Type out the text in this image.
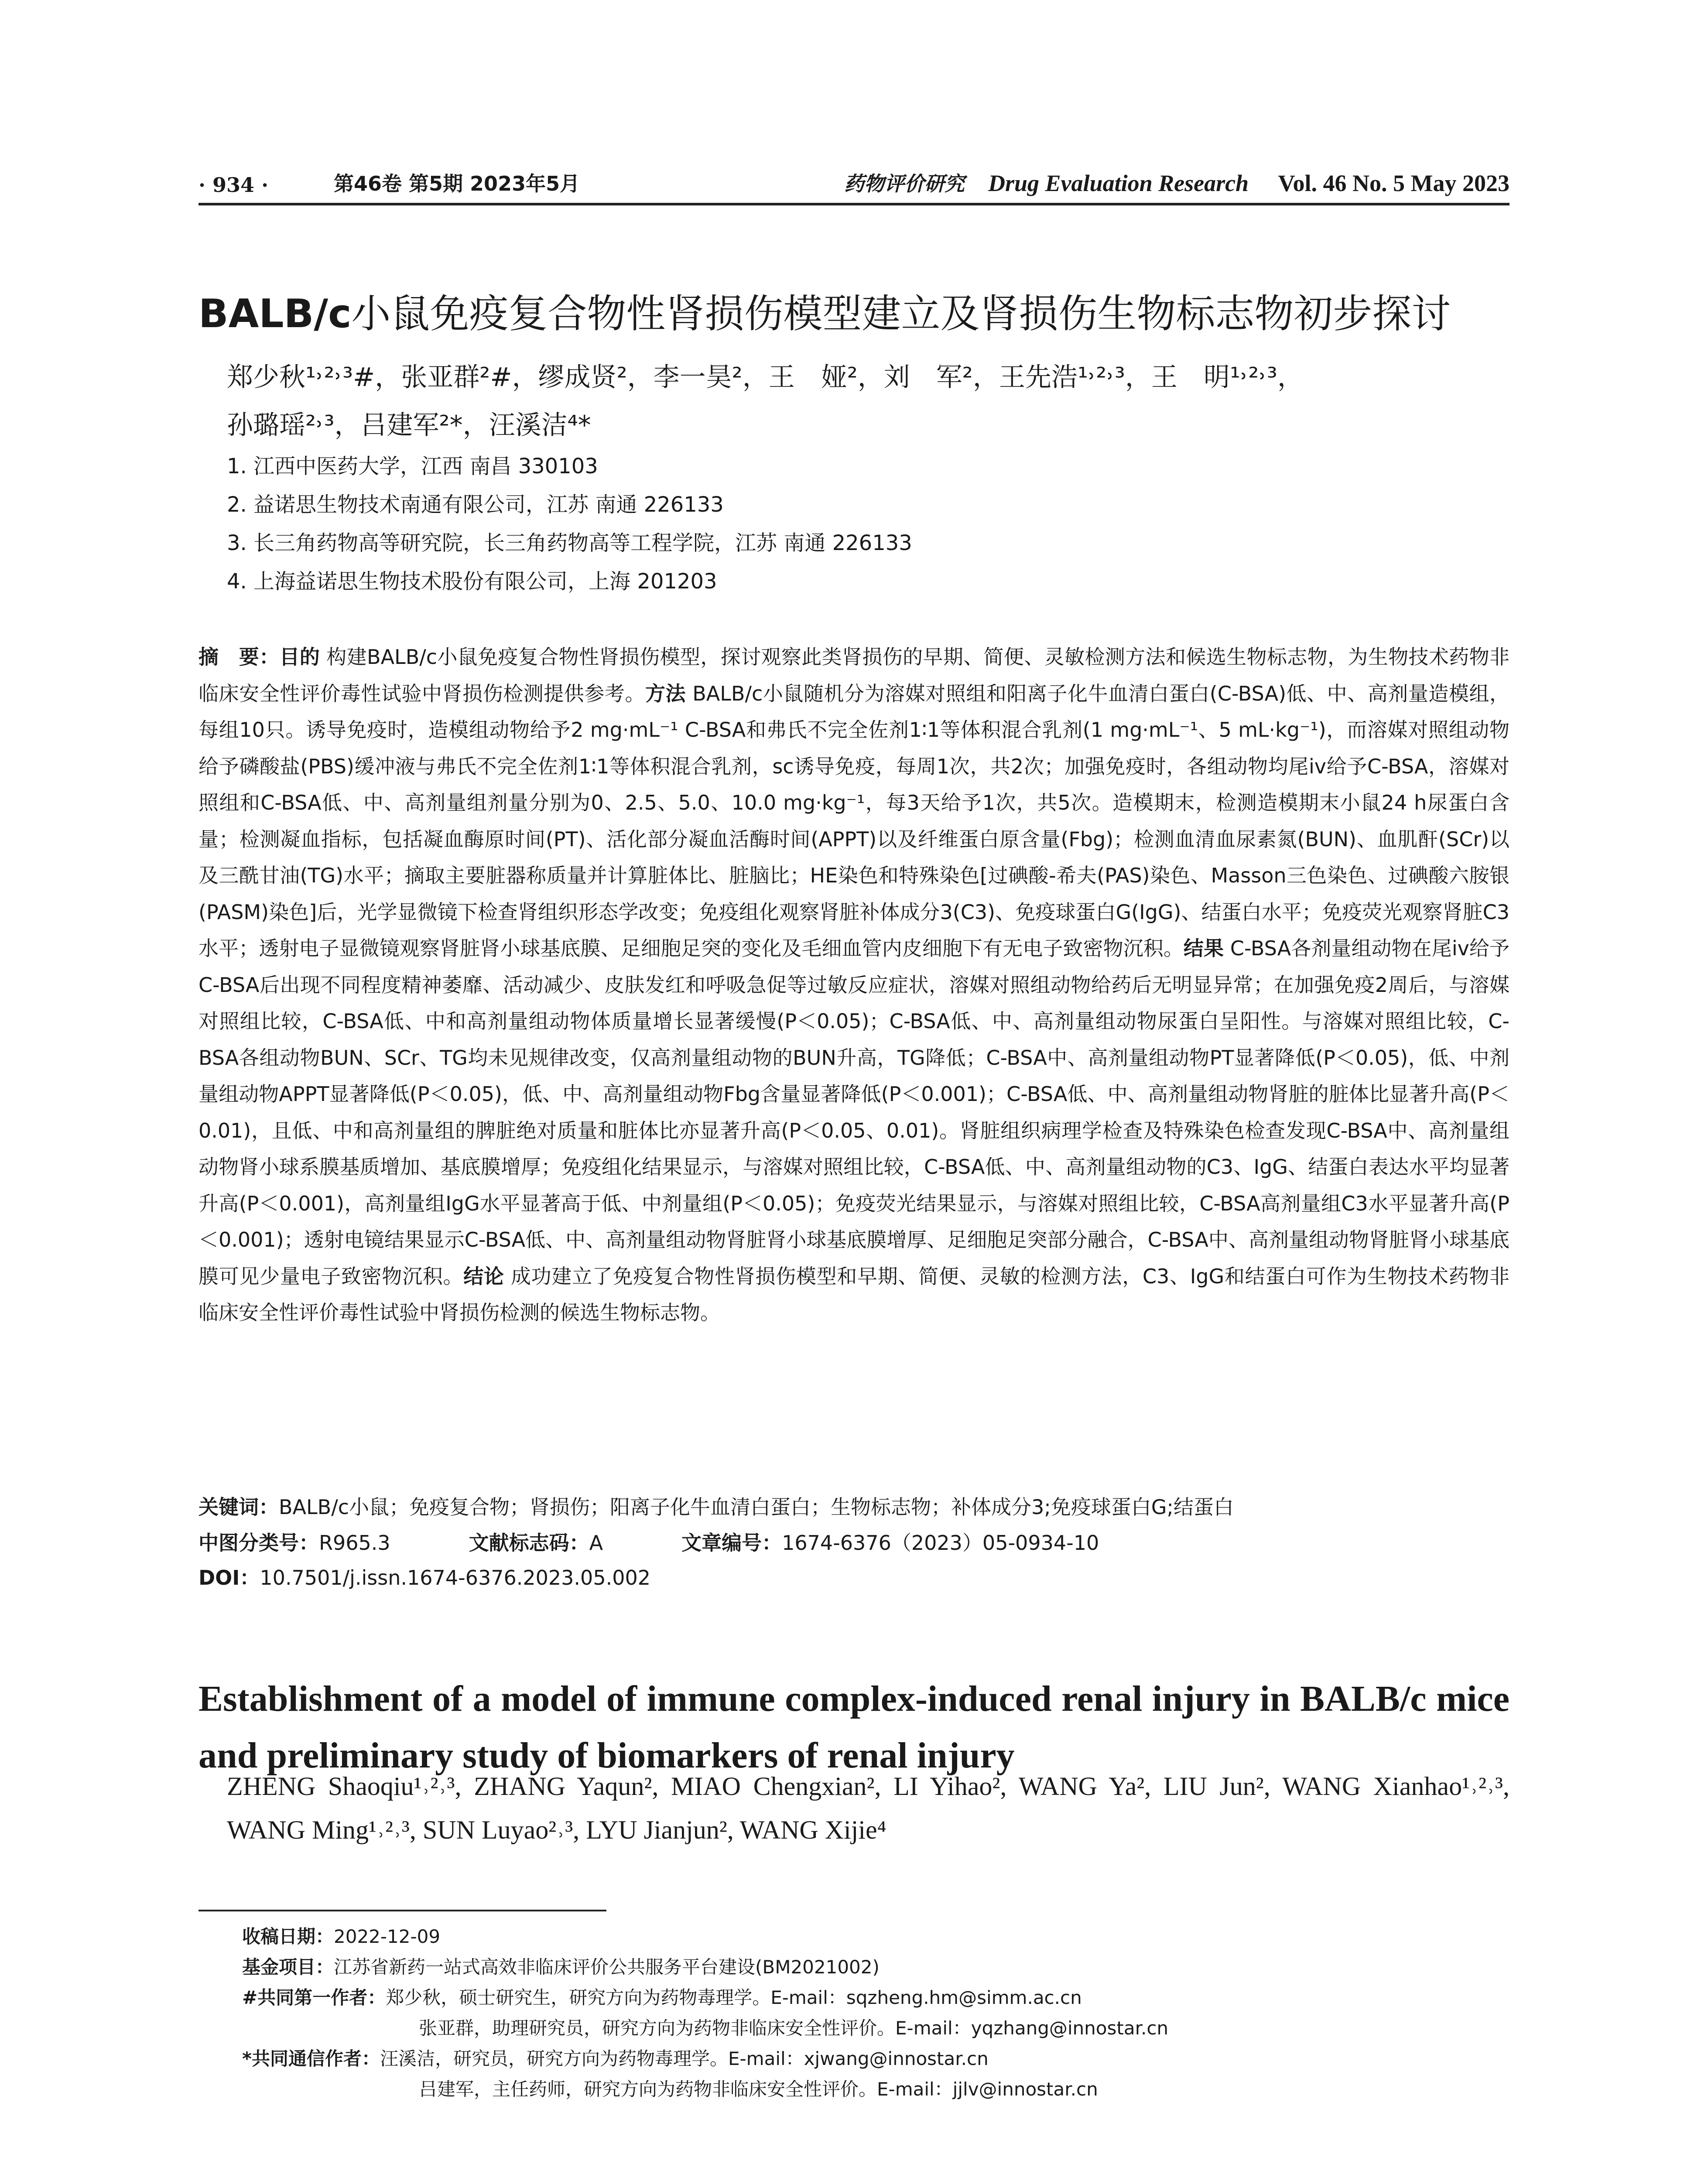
· 934 ·	第46卷 第5期 2023年5月	药物评价研究 Drug Evaluation Research Vol. 46 No. 5 May 2023
BALB/c小鼠免疫复合物性肾损伤模型建立及肾损伤生物标志物初步探讨
郑少秋¹˒²˒³#，张亚群²#，缪成贤²，李一昊²，王　娅²，刘　军²，王先浩¹˒²˒³，王　明¹˒²˒³，
孙璐瑶²˒³，吕建军²*，汪溪洁⁴*
1. 江西中医药大学，江西 南昌 330103
2. 益诺思生物技术南通有限公司，江苏 南通 226133
3. 长三角药物高等研究院，长三角药物高等工程学院，江苏 南通 226133
4. 上海益诺思生物技术股份有限公司，上海 201203
摘　要：目的 构建BALB/c小鼠免疫复合物性肾损伤模型，探讨观察此类肾损伤的早期、简便、灵敏检测方法和候选生物标志物，为生物技术药物非临床安全性评价毒性试验中肾损伤检测提供参考。方法 BALB/c小鼠随机分为溶媒对照组和阳离子化牛血清白蛋白(C-BSA)低、中、高剂量造模组，每组10只。诱导免疫时，造模组动物给予2 mg·mL⁻¹ C-BSA和弗氏不完全佐剂1∶1等体积混合乳剂(1 mg·mL⁻¹、5 mL·kg⁻¹)，而溶媒对照组动物给予磷酸盐(PBS)缓冲液与弗氏不完全佐剂1∶1等体积混合乳剂，sc诱导免疫，每周1次，共2次；加强免疫时，各组动物均尾iv给予C-BSA，溶媒对照组和C-BSA低、中、高剂量组剂量分别为0、2.5、5.0、10.0 mg·kg⁻¹，每3天给予1次，共5次。造模期末，检测造模期末小鼠24 h尿蛋白含量；检测凝血指标，包括凝血酶原时间(PT)、活化部分凝血活酶时间(APPT)以及纤维蛋白原含量(Fbg)；检测血清血尿素氮(BUN)、血肌酐(SCr)以及三酰甘油(TG)水平；摘取主要脏器称质量并计算脏体比、脏脑比；HE染色和特殊染色[过碘酸-希夫(PAS)染色、Masson三色染色、过碘酸六胺银(PASM)染色]后，光学显微镜下检查肾组织形态学改变；免疫组化观察肾脏补体成分3(C3)、免疫球蛋白G(IgG)、结蛋白水平；免疫荧光观察肾脏C3水平；透射电子显微镜观察肾脏肾小球基底膜、足细胞足突的变化及毛细血管内皮细胞下有无电子致密物沉积。结果 C-BSA各剂量组动物在尾iv给予C-BSA后出现不同程度精神萎靡、活动减少、皮肤发红和呼吸急促等过敏反应症状，溶媒对照组动物给药后无明显异常；在加强免疫2周后，与溶媒对照组比较，C-BSA低、中和高剂量组动物体质量增长显著缓慢(P＜0.05)；C-BSA低、中、高剂量组动物尿蛋白呈阳性。与溶媒对照组比较，C-BSA各组动物BUN、SCr、TG均未见规律改变，仅高剂量组动物的BUN升高，TG降低；C-BSA中、高剂量组动物PT显著降低(P＜0.05)，低、中剂量组动物APPT显著降低(P＜0.05)，低、中、高剂量组动物Fbg含量显著降低(P＜0.001)；C-BSA低、中、高剂量组动物肾脏的脏体比显著升高(P＜0.01)，且低、中和高剂量组的脾脏绝对质量和脏体比亦显著升高(P＜0.05、0.01)。肾脏组织病理学检查及特殊染色检查发现C-BSA中、高剂量组动物肾小球系膜基质增加、基底膜增厚；免疫组化结果显示，与溶媒对照组比较，C-BSA低、中、高剂量组动物的C3、IgG、结蛋白表达水平均显著升高(P＜0.001)，高剂量组IgG水平显著高于低、中剂量组(P＜0.05)；免疫荧光结果显示，与溶媒对照组比较，C-BSA高剂量组C3水平显著升高(P＜0.001)；透射电镜结果显示C-BSA低、中、高剂量组动物肾脏肾小球基底膜增厚、足细胞足突部分融合，C-BSA中、高剂量组动物肾脏肾小球基底膜可见少量电子致密物沉积。结论 成功建立了免疫复合物性肾损伤模型和早期、简便、灵敏的检测方法，C3、IgG和结蛋白可作为生物技术药物非临床安全性评价毒性试验中肾损伤检测的候选生物标志物。
关键词：BALB/c小鼠；免疫复合物；肾损伤；阳离子化牛血清白蛋白；生物标志物；补体成分3;免疫球蛋白G;结蛋白
中图分类号：R965.3	文献标志码：A	文章编号：1674-6376（2023）05-0934-10
DOI：10.7501/j.issn.1674-6376.2023.05.002
Establishment of a model of immune complex-induced renal injury in BALB/c mice and preliminary study of biomarkers of renal injury
ZHENG Shaoqiu¹˒²˒³, ZHANG Yaqun², MIAO Chengxian², LI Yihao², WANG Ya², LIU Jun², WANG Xianhao¹˒²˒³, WANG Ming¹˒²˒³, SUN Luyao²˒³, LYU Jianjun², WANG Xijie⁴
收稿日期：2022-12-09
基金项目：江苏省新药一站式高效非临床评价公共服务平台建设(BM2021002)
#共同第一作者：郑少秋，硕士研究生，研究方向为药物毒理学。E-mail：sqzheng.hm@simm.ac.cn
张亚群，助理研究员，研究方向为药物非临床安全性评价。E-mail：yqzhang@innostar.cn
*共同通信作者：汪溪洁，研究员，研究方向为药物毒理学。E-mail：xjwang@innostar.cn
吕建军，主任药师，研究方向为药物非临床安全性评价。E-mail：jjlv@innostar.cn
